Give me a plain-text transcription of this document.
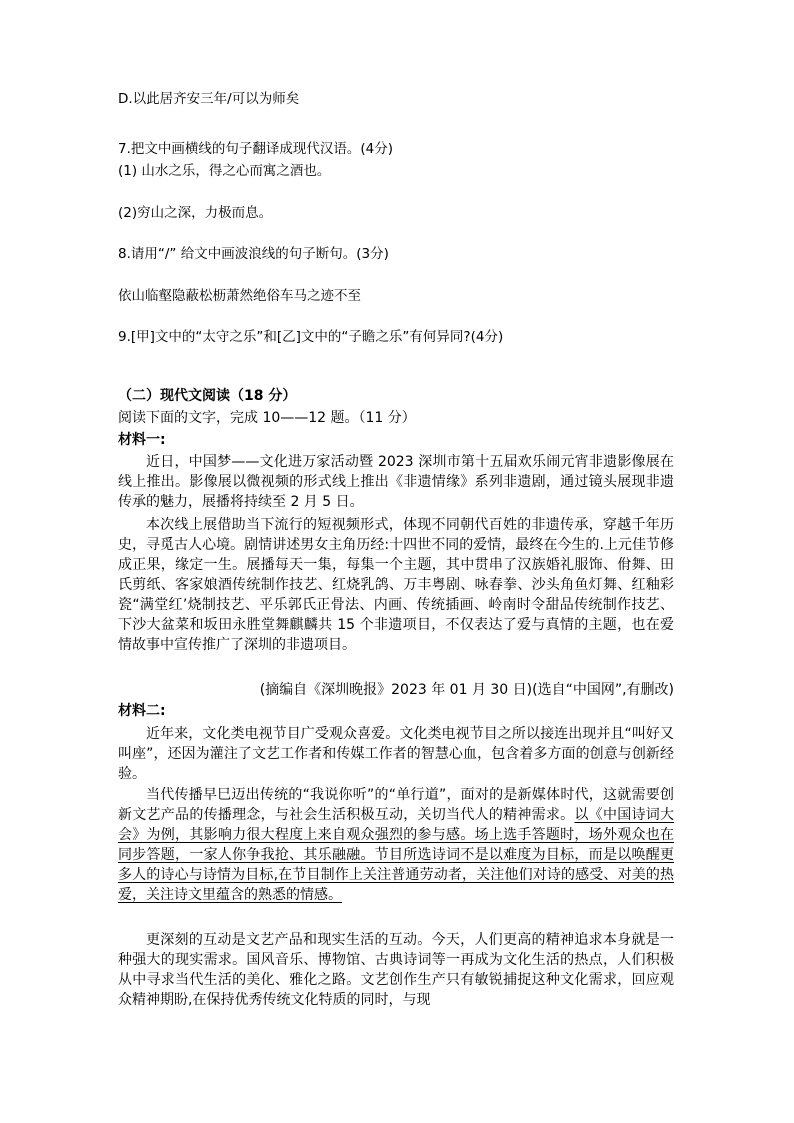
D.以此居齐安三年/可以为师矣

7.把文中画横线的句子翻译成现代汉语。(4分)

(1) 山水之乐，得之心而寓之酒也。

(2)穷山之深，力极而息。

8.请用“/” 给文中画波浪线的句子断句。(3分)

依山临壑隐蔽松枥萧然绝俗车马之迹不至

9.[甲]文中的“太守之乐”和[乙]文中的“子瞻之乐”有何异同?(4分)

（二）现代文阅读（18 分）

阅读下面的文字，完成 10——12 题。（11 分）

材料一:

近日，中国梦——文化进万家活动暨 2023 深圳市第十五届欢乐闹元宵非遗影像展在线上推出。影像展以微视频的形式线上推出《非遗情缘》系列非遗剧，通过镜头展现非遗传承的魅力，展播将持续至 2 月 5 日。

本次线上展借助当下流行的短视频形式，体现不同朝代百姓的非遗传承，穿越千年历史，寻觅古人心境。剧情讲述男女主角历经:十四世不同的爱情，最终在今生的.上元佳节修成正果，缘定一生。展播每天一集，每集一个主题，其中贯串了汉族婚礼服饰、佾舞、田氏剪纸、客家娘酒传统制作技艺、红烧乳鸽、万丰粤剧、咏春拳、沙头角鱼灯舞、红釉彩瓷“满堂红’烧制技艺、平乐郭氏正骨法、内画、传统插画、岭南时令甜品传统制作技艺、下沙大盆菜和坂田永胜堂舞麒麟共 15 个非遗项目，不仅表达了爱与真情的主题，也在爱情故事中宣传推广了深圳的非遗项目。

(摘编自《深圳晚报》2023 年 01 月 30 日)(选自“中国网”,有删改)

材料二:

近年来，文化类电视节目广受观众喜爱。文化类电视节目之所以接连出现并且“叫好又叫座”，还因为灌注了文艺工作者和传媒工作者的智慧心血，包含着多方面的创意与创新经验。

当代传播早巳迈出传统的“我说你听”的“单行道”，面对的是新媒体时代，这就需要创新文艺产品的传播理念，与社会生活积极互动，关切当代人的精神需求。以《中国诗词大会》为例，其影响力很大程度上来自观众强烈的参与感。场上选手答题时，场外观众也在同步答题，一家人你争我抢、其乐融融。节目所选诗词不是以难度为目标，而是以唤醒更多人的诗心与诗情为目标,在节目制作上关注普通劳动者，关注他们对诗的感受、对美的热爱，关注诗文里蕴含的熟悉的情感。

更深刻的互动是文艺产品和现实生活的互动。今天，人们更高的精神追求本身就是一种强大的现实需求。国风音乐、博物馆、古典诗词等一再成为文化生活的热点，人们积极从中寻求当代生活的美化、雅化之路。文艺创作生产只有敏锐捕捉这种文化需求，回应观众精神期盼,在保持优秀传统文化特质的同时，与现
